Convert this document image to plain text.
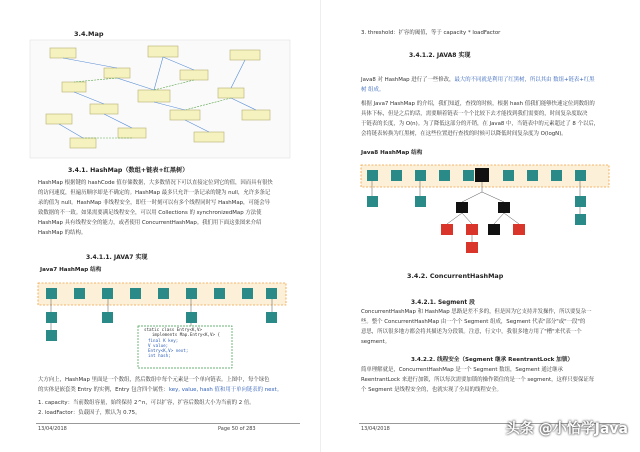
3.4.Map
3.4.1. HashMap（数组+链表+红黑树）
HashMap 根据键的 hashCode 值存储数据，大多数情况下可以直接定位到它的值，因而具有很快
的访问速度，但遍历顺序却是不确定的。HashMap 最多只允许一条记录的键为 null，允许多条记
录的值为 null。HashMap 非线程安全，即任一时刻可以有多个线程同时写 HashMap，可能会导
致数据的不一致。如果需要满足线程安全，可以用 Collections 的 synchronizedMap 方法使
HashMap 具有线程安全的能力，或者使用 ConcurrentHashMap。我们用下面这张图来介绍
HashMap 的结构。
3.4.1.1. JAVA7 实现
Java7 HashMap 结构
static class Entry<K,V>
implements Map.Entry<K,V> {
final K key;
V value;
Entry<K,V> next;
int hash;
大方向上，HashMap 里面是一个数组，然后数组中每个元素是一个单向链表。上图中，每个绿色
的实体是嵌套类 Entry 的实例，Entry 包含四个属性：key, value, hash 值和用于单向链表的 next。
1. capacity：当前数组容量，始终保持 2^n，可以扩容，扩容后数组大小为当前的 2 倍。
2. loadFactor：负载因子，默认为 0.75。
13/04/2018	Page 50 of 283
3. threshold：扩容的阈值，等于 capacity * loadFactor
3.4.1.2. JAVA8 实现
Java8 对 HashMap 进行了一些修改，最大的不同就是利用了红黑树，所以其由 数组+链表+红黑
树 组成。
根据 Java7 HashMap 的介绍，我们知道，查找的时候，根据 hash 值我们能够快速定位到数组的
具体下标，但是之后的话，需要顺着链表一个个比较下去才能找到我们需要的，时间复杂度取决
于链表的长度，为 O(n)。为了降低这部分的开销，在 Java8 中，当链表中的元素超过了 8 个以后，
会将链表转换为红黑树，在这些位置进行查找的时候可以降低时间复杂度为 O(logN)。
Java8 HashMap 结构
3.4.2. ConcurrentHashMap
3.4.2.1. Segment 段
ConcurrentHashMap 和 HashMap 思路是差不多的，但是因为它支持并发操作，所以要复杂一
些。整个 ConcurrentHashMap 由一个个 Segment 组成，Segment 代表"部分"或"一段"的
意思，所以很多地方都会将其描述为分段锁。注意，行文中，我很多地方用了"槽"来代表一个
segment。
3.4.2.2. 线程安全（Segment 继承 ReentrantLock 加锁）
简单理解就是，ConcurrentHashMap 是一个 Segment 数组，Segment 通过继承
ReentrantLock 来进行加锁，所以每次需要加锁的操作锁住的是一个 segment，这样只要保证每
个 Segment 是线程安全的，也就实现了全局的线程安全。
13/04/2018	头条 @小怡学Java
